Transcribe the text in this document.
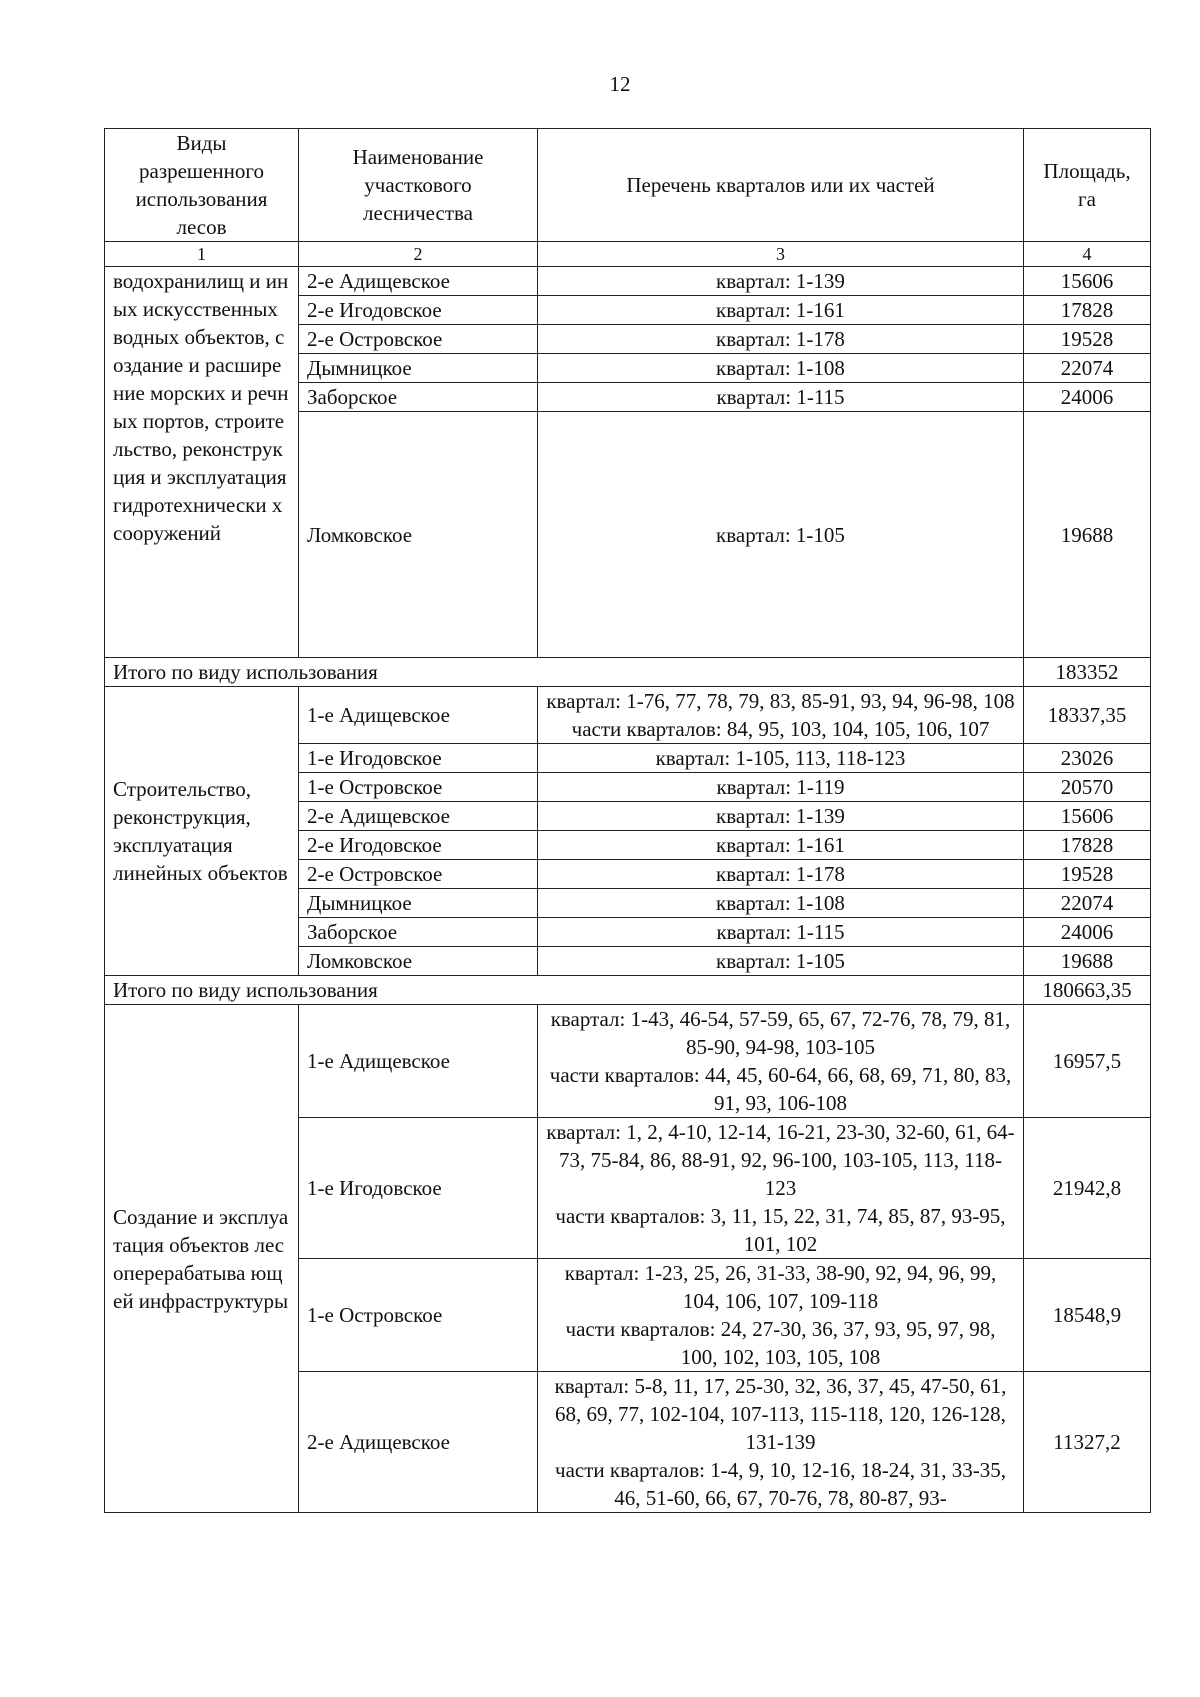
12
Виды разрешенного использования лесов	Наименование участкового лесничества	Перечень кварталов или их частей	Площадь, га
1	2	3	4
водохранилищ и иных искусственных водных объектов, создание и расширение морских и речных портов, строительство, реконструкция и эксплуатация гидротехнически х сооружений	2-е Адищевское	квартал: 1-139	15606
	2-е Игодовское	квартал: 1-161	17828
	2-е Островское	квартал: 1-178	19528
	Дымницкое	квартал: 1-108	22074
	Заборское	квартал: 1-115	24006
	Ломковское	квартал: 1-105	19688
Итого по виду использования			183352
Строительство, реконструкция, эксплуатация линейных объектов	1-е Адищевское	квартал: 1-76, 77, 78, 79, 83, 85-91, 93, 94, 96-98, 108
части кварталов: 84, 95, 103, 104, 105, 106, 107	18337,35
	1-е Игодовское	квартал: 1-105, 113, 118-123	23026
	1-е Островское	квартал: 1-119	20570
	2-е Адищевское	квартал: 1-139	15606
	2-е Игодовское	квартал: 1-161	17828
	2-е Островское	квартал: 1-178	19528
	Дымницкое	квартал: 1-108	22074
	Заборское	квартал: 1-115	24006
	Ломковское	квартал: 1-105	19688
Итого по виду использования			180663,35
Создание и эксплуатация объектов лесоперерабатыва ющей инфраструктуры	1-е Адищевское	квартал: 1-43, 46-54, 57-59, 65, 67, 72-76, 78, 79, 81, 85-90, 94-98, 103-105
части кварталов: 44, 45, 60-64, 66, 68, 69, 71, 80, 83, 91, 93, 106-108	16957,5
	1-е Игодовское	квартал: 1, 2, 4-10, 12-14, 16-21, 23-30, 32-60, 61, 64-73, 75-84, 86, 88-91, 92, 96-100, 103-105, 113, 118-123
части кварталов: 3, 11, 15, 22, 31, 74, 85, 87, 93-95, 101, 102	21942,8
	1-е Островское	квартал: 1-23, 25, 26, 31-33, 38-90, 92, 94, 96, 99, 104, 106, 107, 109-118
части кварталов: 24, 27-30, 36, 37, 93, 95, 97, 98, 100, 102, 103, 105, 108	18548,9
	2-е Адищевское	квартал: 5-8, 11, 17, 25-30, 32, 36, 37, 45, 47-50, 61, 68, 69, 77, 102-104, 107-113, 115-118, 120, 126-128, 131-139
части кварталов: 1-4, 9, 10, 12-16, 18-24, 31, 33-35, 46, 51-60, 66, 67, 70-76, 78, 80-87, 93-	11327,2
